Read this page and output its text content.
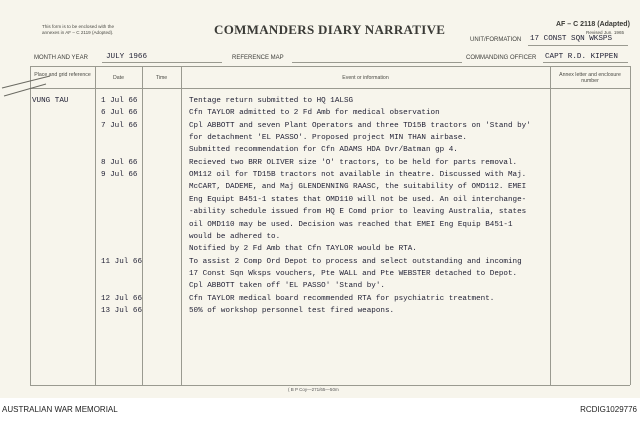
This form is to be enclosed with the
annexes in AF – C 2119 (Adopted).	COMMANDERS DIARY NARRATIVE	AF – C 2118 (Adapted)
Revised Jun. 1965
UNIT/FORMATION 17 CONST SQN WKSPS
MONTH AND YEAR JULY 1966	REFERENCE MAP	COMMANDING OFFICER CAPT R.D. KIPPEN
Place and grid reference	Date	Time	Event or information	Annex letter and enclosure number
VUNG TAU	1 Jul 66	Tentage return submitted to HQ 1ALSG
6 Jul 66	Cfn TAYLOR admitted to 2 Fd Amb for medical observation
7 Jul 66	Cpl ABBOTT and seven Plant Operators and three TD15B tractors on 'Stand by'
for detachment 'EL PASSO'. Proposed project MIN THAN airbase.
Submitted recommendation for Cfn ADAMS HDA Dvr/Batman gp 4.
8 Jul 66	Recieved two BRR OLIVER size 'O' tractors, to be held for parts removal.
9 Jul 66	OM112 oil for TD15B tractors not available in theatre. Discussed with Maj.
McCART, DADEME, and Maj GLENDENNING RAASC, the suitability of OMD112. EMEI
Eng Equipt B451-1 states that OMD110 will not be used. An oil interchange-
-ability schedule issued from HQ E Comd prior to leaving Australia, states
oil OMD110 may be used. Decision was reached that EMEI Eng Equip B451-1
would be adhered to.
Notified by 2 Fd Amb that Cfn TAYLOR would be RTA.
11 Jul 66	To assist 2 Comp Ord Depot to process and select outstanding and incoming
17 Const Sqn Wksps vouchers, Pte WALL and Pte WEBSTER detached to Depot.
Cpl ABBOTT taken off 'EL PASSO' 'Stand by'.
12 Jul 66	Cfn TAYLOR medical board recommended RTA for psychiatric treatment.
13 Jul 66	50% of workshop personnel test fired weapons.
( B P Coy—271/65—50m
AUSTRALIAN WAR MEMORIAL	RCDIG1029776
